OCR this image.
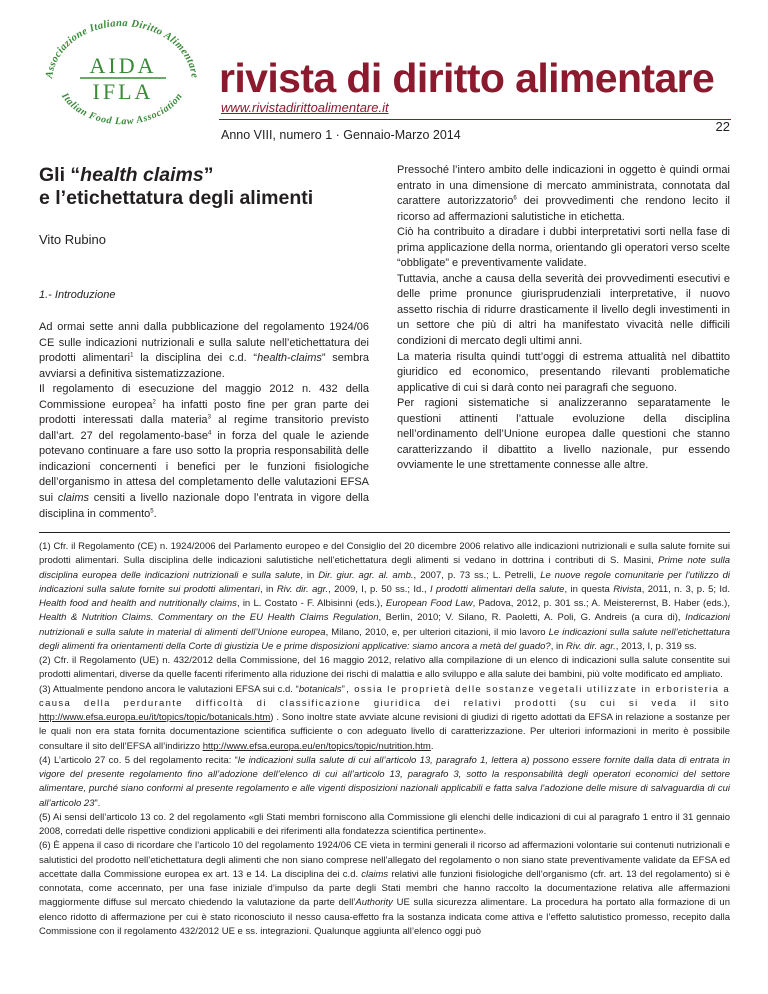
Associazione Italiana Diritto Alimentare
Italian Food Law Association
AIDA
IFLA rivista di diritto alimentare
www.rivistadirittoalimentare.it
Anno VIII, numero 1 · Gennaio-Marzo 2014
22
Gli “health claims”
e l’etichettatura degli alimenti
Vito Rubino
1.- Introduzione

Ad ormai sette anni dalla pubblicazione del regolamento 1924/06 CE sulle indicazioni nutrizionali e sulla salute nell’etichettatura dei prodotti alimentari$^1$ la disciplina dei c.d. “health-claims” sembra avviarsi a definitiva sistematizzazione.

Il regolamento di esecuzione del maggio 2012 n. 432 della Commissione europea$^2$ ha infatti posto fine per gran parte dei prodotti interessati dalla materia$^3$ al regime transitorio previsto dall’art. 27 del regolamento-base$^4$ in forza del quale le aziende potevano continuare a fare uso sotto la propria responsabilità delle indicazioni concernenti i benefici per le funzioni fisiologiche dell’organismo in attesa del completamento delle valutazioni EFSA sui claims censiti a livello nazionale dopo l’entrata in vigore della disciplina in commento$^5$.

Pressoché l’intero ambito delle indicazioni in oggetto è quindi ormai entrato in una dimensione di mercato amministrata, connotata dal carattere autorizzatorio$^6$ dei provvedimenti che rendono lecito il ricorso ad affermazioni salutistiche in etichetta.

Ciò ha contribuito a diradare i dubbi interpretativi sorti nella fase di prima applicazione della norma, orientando gli operatori verso scelte “obbligate” e preventivamente validate.

Tuttavia, anche a causa della severità dei provvedimenti esecutivi e delle prime pronunce giurisprudenziali interpretative, il nuovo assetto rischia di ridurre drasticamente il livello degli investimenti in un settore che più di altri ha manifestato vivacità nelle difficili condizioni di mercato degli ultimi anni.

La materia risulta quindi tutt’oggi di estrema attualità nel dibattito giuridico ed economico, presentando rilevanti problematiche applicative di cui si darà conto nei paragrafi che seguono.

Per ragioni sistematiche si analizzeranno separatamente le questioni attinenti l’attuale evoluzione della disciplina nell’ordinamento dell’Unione europea dalle questioni che stanno caratterizzando il dibattito a livello nazionale, pur essendo ovviamente le une strettamente connesse alle altre.

(1) Cfr. il Regolamento (CE) n. 1924/2006 del Parlamento europeo e del Consiglio del 20 dicembre 2006 relativo alle indicazioni nutrizionali e sulla salute fornite sui prodotti alimentari. Sulla disciplina delle indicazioni salutistiche nell’etichettatura degli alimenti si vedano in dottrina i contributi di S. Masini, Prime note sulla disciplina europea delle indicazioni nutrizionali e sulla salute, in Dir. giur. agr. al. amb., 2007, p. 73 ss.; L. Petrelli, Le nuove regole comunitarie per l’utilizzo di indicazioni sulla salute fornite sui prodotti alimentari, in Riv. dir. agr., 2009, I, p. 50 ss.; Id., I prodotti alimentari della salute, in questa Rivista, 2011, n. 3, p. 5; Id. Health food and health and nutritionally claims, in L. Costato - F. Albisinni (eds.), European Food Law, Padova, 2012, p. 301 ss.; A. Meisterernst, B. Haber (eds.), Health & Nutrition Claims. Commentary on the EU Health Claims Regulation, Berlin, 2010; V. Silano, R. Paoletti, A. Poli, G. Andreis (a cura di), Indicazioni nutrizionali e sulla salute in material di alimenti dell’Unione europea, Milano, 2010, e, per ulteriori citazioni, il mio lavoro Le indicazioni sulla salute nell’etichettatura degli alimenti fra orientamenti della Corte di giustizia Ue e prime disposizioni applicative: siamo ancora a metà del guado?, in Riv. dir. agr., 2013, I, p. 319 ss.

(2) Cfr. il Regolamento (UE) n. 432/2012 della Commissione, del 16 maggio 2012, relativo alla compilazione di un elenco di indicazioni sulla salute consentite sui prodotti alimentari, diverse da quelle facenti riferimento alla riduzione dei rischi di malattia e allo sviluppo e alla salute dei bambini, più volte modificato ed ampliato.

(3) Attualmente pendono ancora le valutazioni EFSA sui c.d. “botanicals”, ossia le proprietà delle sostanze vegetali utilizzate in erboristeria a causa della perdurante difficoltà di classificazione giuridica dei relativi prodotti (su cui si veda il sito http://www.efsa.europa.eu/it/topics/topic/botanicals.htm) . Sono inoltre state avviate alcune revisioni di giudizi di rigetto adottati da EFSA in relazione a sostanze per le quali non era stata fornita documentazione scientifica sufficiente o con adeguato livello di caratterizzazione. Per ulteriori informazioni in merito è possibile consultare il sito dell’EFSA all’indirizzo http://www.efsa.europa.eu/en/topics/topic/nutrition.htm.

(4) L’articolo 27 co. 5 del regolamento recita: “le indicazioni sulla salute di cui all’articolo 13, paragrafo 1, lettera a) possono essere fornite dalla data di entrata in vigore del presente regolamento fino all’adozione dell’elenco di cui all’articolo 13, paragrafo 3, sotto la responsabilità degli operatori economici del settore alimentare, purché siano conformi al presente regolamento e alle vigenti disposizioni nazionali applicabili e fatta salva l’adozione delle misure di salvaguardia di cui all’articolo 23”.

(5) Ai sensi dell’articolo 13 co. 2 del regolamento «gli Stati membri forniscono alla Commissione gli elenchi delle indicazioni di cui al paragrafo 1 entro il 31 gennaio 2008, corredati delle rispettive condizioni applicabili e dei riferimenti alla fondatezza scientifica pertinente».

(6) È appena il caso di ricordare che l’articolo 10 del regolamento 1924/06 CE vieta in termini generali il ricorso ad affermazioni volontarie sui contenuti nutrizionali e salutistici del prodotto nell’etichettatura degli alimenti che non siano comprese nell’allegato del regolamento o non siano state preventivamente validate da EFSA ed accettate dalla Commissione europea ex art. 13 e 14. La disciplina dei c.d. claims relativi alle funzioni fisiologiche dell’organismo (cfr. art. 13 del regolamento) si è connotata, come accennato, per una fase iniziale d’impulso da parte degli Stati membri che hanno raccolto la documentazione relativa alle affermazioni maggiormente diffuse sul mercato chiedendo la valutazione da parte dell’Authority UE sulla sicurezza alimentare. La procedura ha portato alla formazione di un elenco ridotto di affermazione per cui è stato riconosciuto il nesso causa-effetto fra la sostanza indicata come attiva e l’effetto salutistico promesso, recepito dalla Commissione con il regolamento 432/2012 UE e ss. integrazioni. Qualunque aggiunta all’elenco oggi può
